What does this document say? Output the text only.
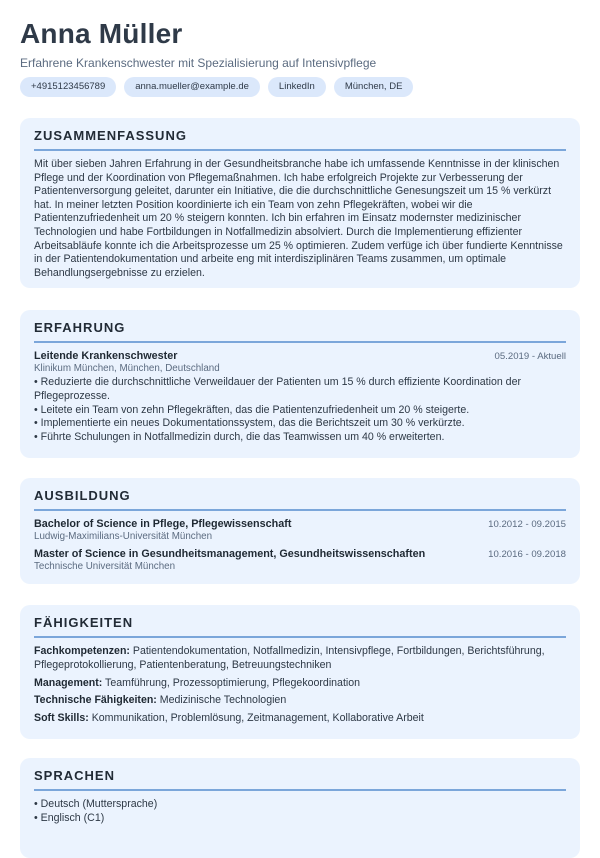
Anna Müller
Erfahrene Krankenschwester mit Spezialisierung auf Intensivpflege
+4915123456789	anna.mueller@example.de	LinkedIn	München, DE
ZUSAMMENFASSUNG
Mit über sieben Jahren Erfahrung in der Gesundheitsbranche habe ich umfassende Kenntnisse in der klinischen Pflege und der Koordination von Pflegemaßnahmen. Ich habe erfolgreich Projekte zur Verbesserung der Patientenversorgung geleitet, darunter ein Initiative, die die durchschnittliche Genesungszeit um 15 % verkürzt hat. In meiner letzten Position koordinierte ich ein Team von zehn Pflegekräften, wobei wir die Patientenzufriedenheit um 20 % steigern konnten. Ich bin erfahren im Einsatz modernster medizinischer Technologien und habe Fortbildungen in Notfallmedizin absolviert. Durch die Implementierung effizienter Arbeitsabläufe konnte ich die Arbeitsprozesse um 25 % optimieren. Zudem verfüge ich über fundierte Kenntnisse in der Patientendokumentation und arbeite eng mit interdisziplinären Teams zusammen, um optimale Behandlungsergebnisse zu erzielen.
ERFAHRUNG
Leitende Krankenschwester	05.2019 - Aktuell
Klinikum München, München, Deutschland
• Reduzierte die durchschnittliche Verweildauer der Patienten um 15 % durch effiziente Koordination der Pflegeprozesse.
• Leitete ein Team von zehn Pflegekräften, das die Patientenzufriedenheit um 20 % steigerte.
• Implementierte ein neues Dokumentationssystem, das die Berichtszeit um 30 % verkürzte.
• Führte Schulungen in Notfallmedizin durch, die das Teamwissen um 40 % erweiterten.
AUSBILDUNG
Bachelor of Science in Pflege, Pflegewissenschaft	10.2012 - 09.2015
Ludwig-Maximilians-Universität München
Master of Science in Gesundheitsmanagement, Gesundheitswissenschaften	10.2016 - 09.2018
Technische Universität München
FÄHIGKEITEN
Fachkompetenzen: Patientendokumentation, Notfallmedizin, Intensivpflege, Fortbildungen, Berichtsführung, Pflegeprotokollierung, Patientenberatung, Betreuungstechniken
Management: Teamführung, Prozessoptimierung, Pflegekoordination
Technische Fähigkeiten: Medizinische Technologien
Soft Skills: Kommunikation, Problemlösung, Zeitmanagement, Kollaborative Arbeit
SPRACHEN
• Deutsch (Muttersprache)
• Englisch (C1)
